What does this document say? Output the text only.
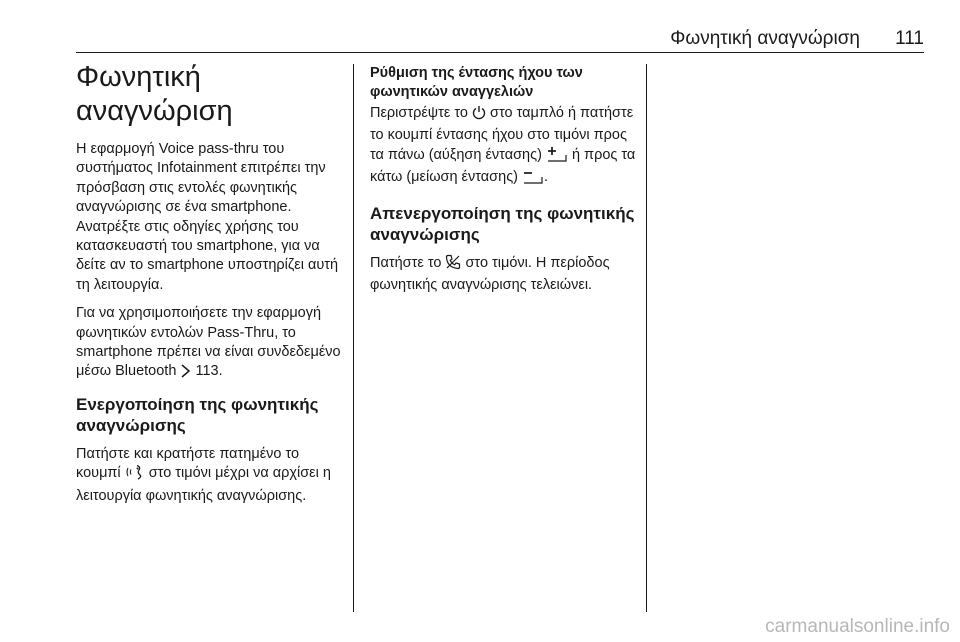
Φωνητική αναγνώριση	111
Φωνητική
αναγνώριση

Η εφαρμογή Voice pass-thru του συστήματος Infotainment επιτρέπει την πρόσβαση στις εντολές φωνητικής αναγνώρισης σε ένα smartphone. Ανατρέξτε στις οδηγίες χρήσης του κατασκευαστή του smartphone, για να δείτε αν το smartphone υποστηρίζει αυτή τη λειτουργία.

Για να χρησιμοποιήσετε την εφαρμογή φωνητικών εντολών Pass-Thru, το smartphone πρέπει να είναι συνδεδεμένο μέσω Bluetooth 113.

Ενεργοποίηση της φωνητικής αναγνώρισης

Πατήστε και κρατήστε πατημένο το κουμπί στο τιμόνι μέχρι να αρχίσει η λειτουργία φωνητικής αναγνώρισης.

Ρύθμιση της έντασης ήχου των φωνητικών αναγγελιών

Περιστρέψτε το στο ταμπλό ή πατήστε το κουμπί έντασης ήχου στο τιμόνι προς τα πάνω (αύξηση έντασης) ή προς τα κάτω (μείωση έντασης) .

Απενεργοποίηση της φωνητικής αναγνώρισης

Πατήστε το στο τιμόνι. Η περίοδος φωνητικής αναγνώρισης τελειώνει.

carmanualsonline.info
